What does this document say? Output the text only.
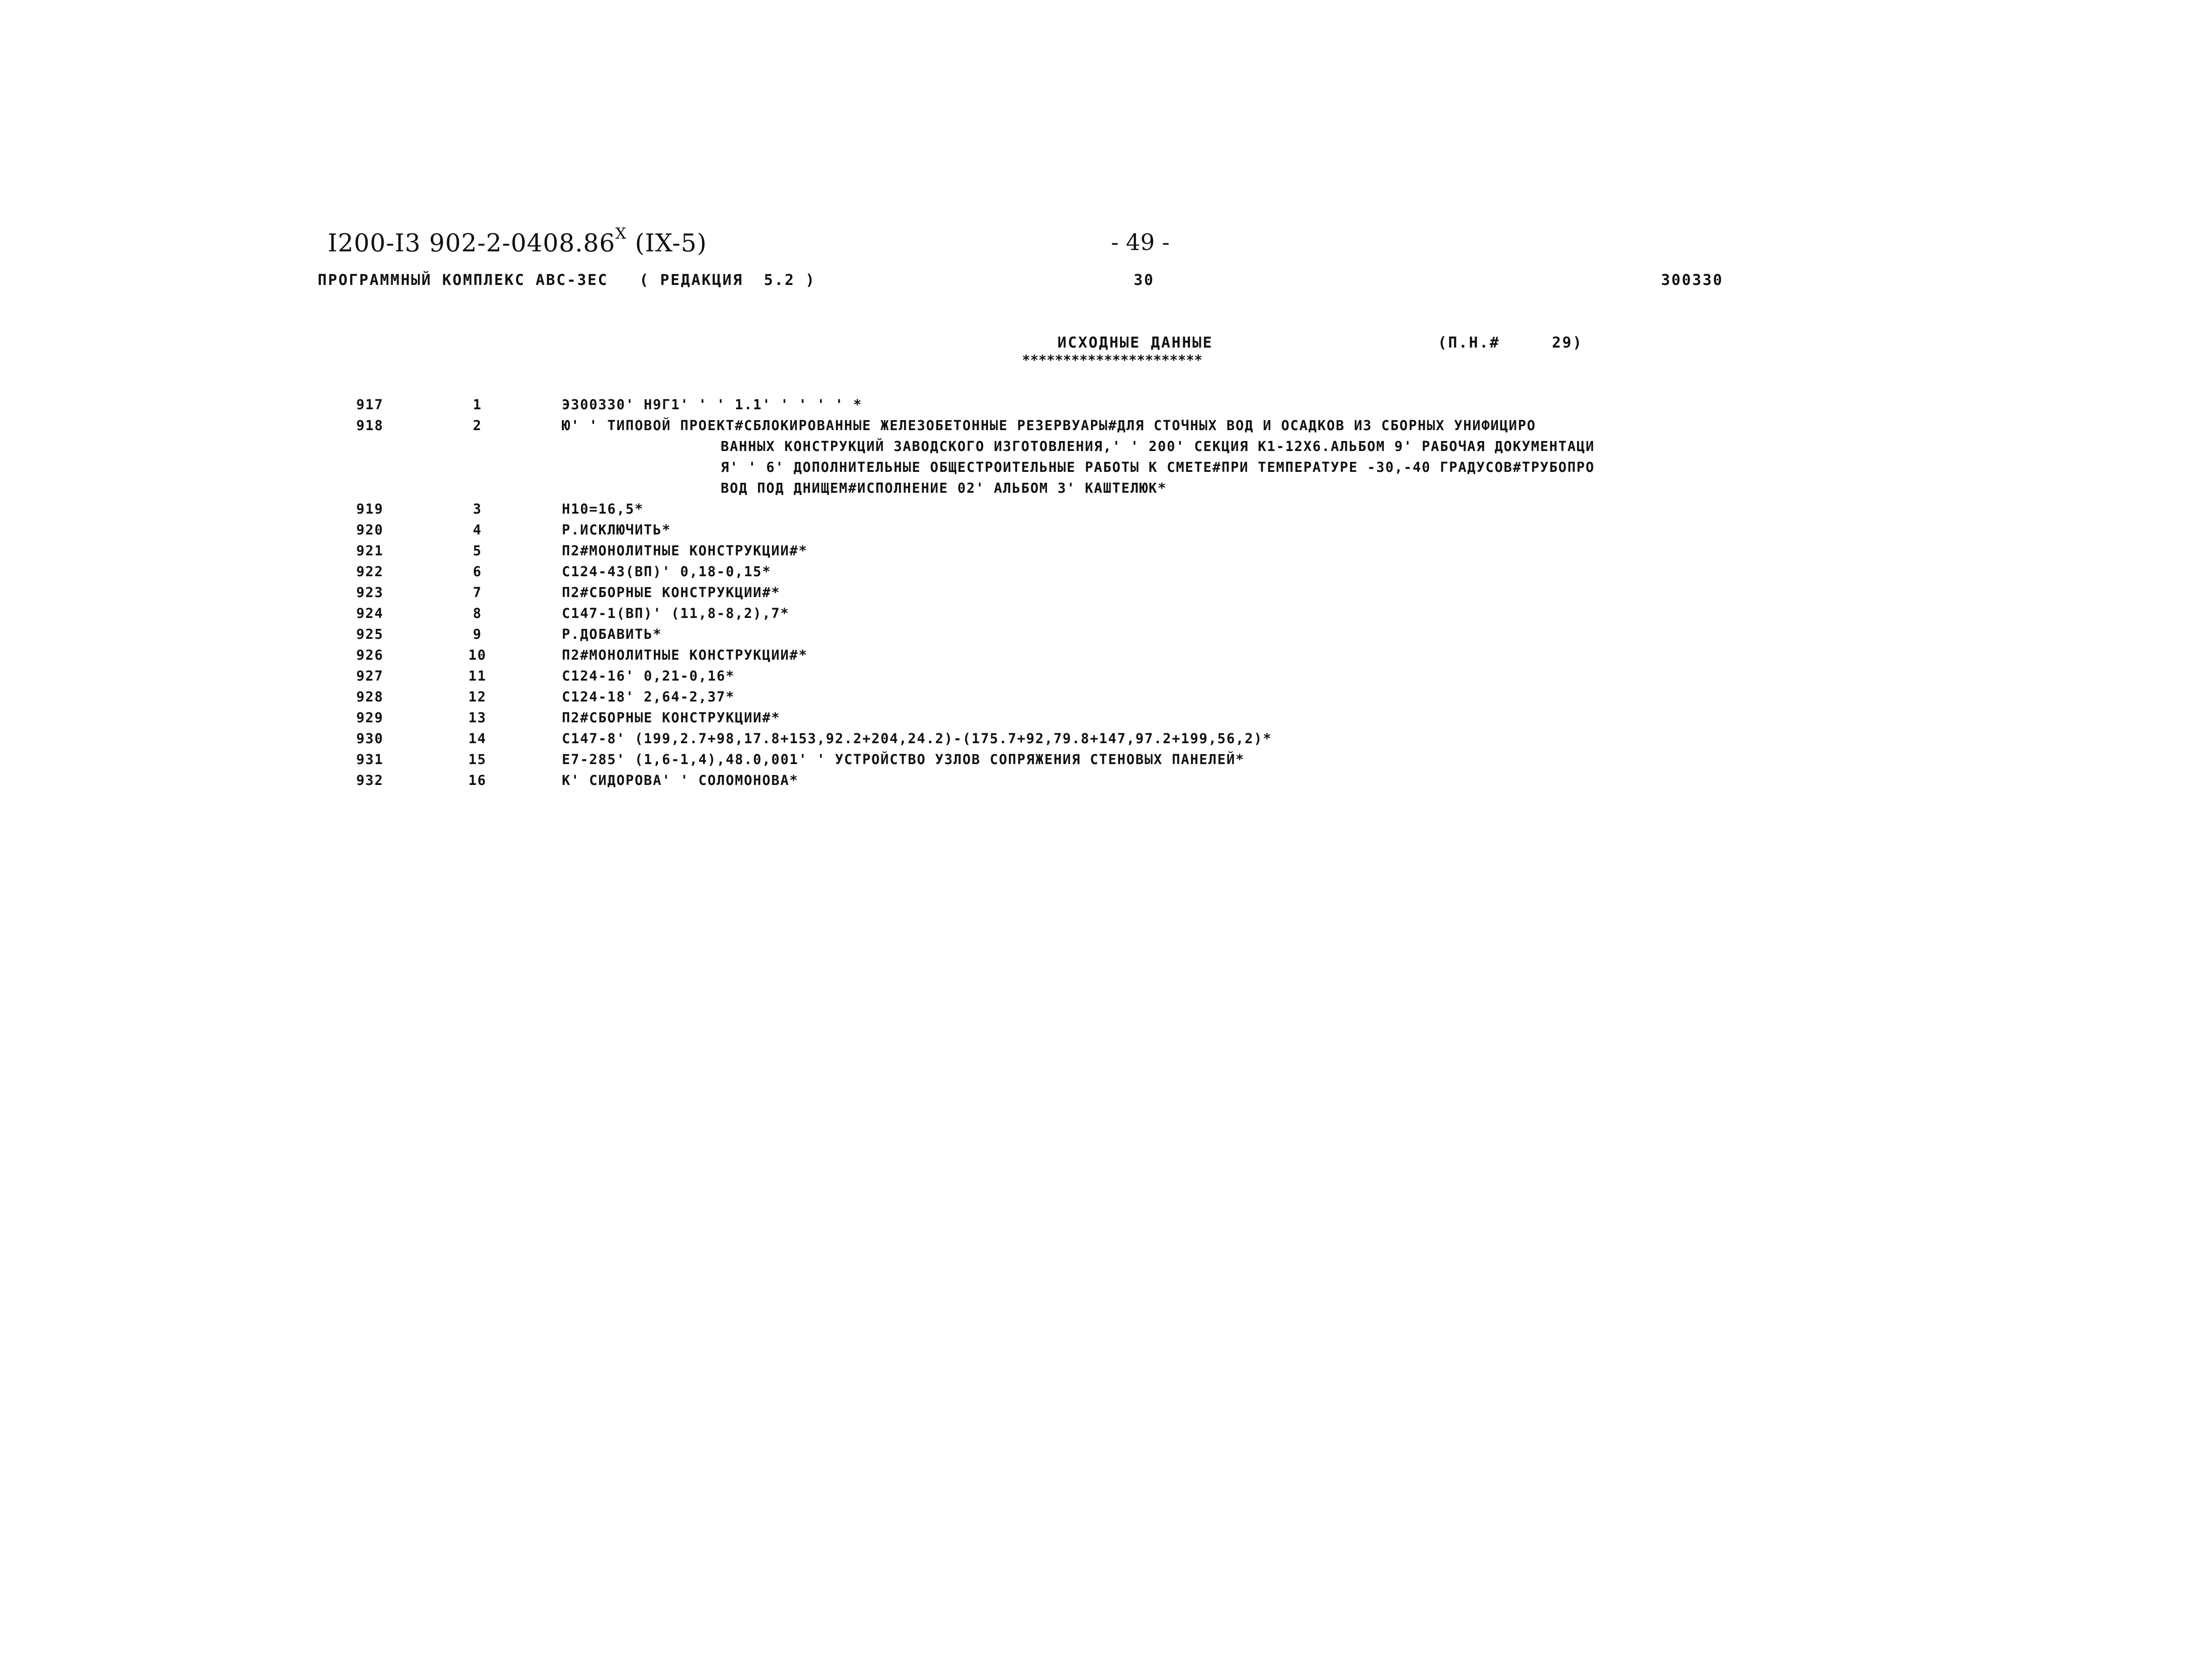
I200-I3 $902-2-0408.86^X$ (IX-5)	- 49 -
ПРОГРАММНЫЙ КОМПЛЕКС АВС-3ЕС   ( РЕДАКЦИЯ  5.2 )	30	300330
ИСХОДНЫЕ ДАННЫЕ	(П.Н.#     29)
**********************
917	1	Э300330' Н9Г1' ' ' 1.1' ' ' ' ' *
918	2	Ю' ' ТИПОВОЙ ПРОЕКТ#СБЛОКИРОВАННЫЕ ЖЕЛЕЗОБЕТОННЫЕ РЕЗЕРВУАРЫ#ДЛЯ СТОЧНЫХ ВОД И ОСАДКОВ ИЗ СБОРНЫХ УНИФИЦИРО
ВАННЫХ КОНСТРУКЦИЙ ЗАВОДСКОГО ИЗГОТОВЛЕНИЯ,' ' 200' СЕКЦИЯ К1-12Х6.АЛЬБОМ 9' РАБОЧАЯ ДОКУМЕНТАЦИ
Я' ' 6' ДОПОЛНИТЕЛЬНЫЕ ОБЩЕСТРОИТЕЛЬНЫЕ РАБОТЫ К СМЕТЕ#ПРИ ТЕМПЕРАТУРЕ -30,-40 ГРАДУСОВ#ТРУБОПРО
ВОД ПОД ДНИЩЕМ#ИСПОЛНЕНИЕ 02' АЛЬБОМ 3' КАШТЕЛЮК*
919	3	Н10=16,5*
920	4	Р.ИСКЛЮЧИТЬ*
921	5	П2#МОНОЛИТНЫЕ КОНСТРУКЦИИ#*
922	6	С124-43(ВП)' 0,18-0,15*
923	7	П2#СБОРНЫЕ КОНСТРУКЦИИ#*
924	8	С147-1(ВП)' (11,8-8,2),7*
925	9	Р.ДОБАВИТЬ*
926	10	П2#МОНОЛИТНЫЕ КОНСТРУКЦИИ#*
927	11	С124-16' 0,21-0,16*
928	12	С124-18' 2,64-2,37*
929	13	П2#СБОРНЫЕ КОНСТРУКЦИИ#*
930	14	С147-8' (199,2.7+98,17.8+153,92.2+204,24.2)-(175.7+92,79.8+147,97.2+199,56,2)*
931	15	Е7-285' (1,6-1,4),48.0,001' ' УСТРОЙСТВО УЗЛОВ СОПРЯЖЕНИЯ СТЕНОВЫХ ПАНЕЛЕЙ*
932	16	К' СИДОРОВА' ' СОЛОМОНОВА*
